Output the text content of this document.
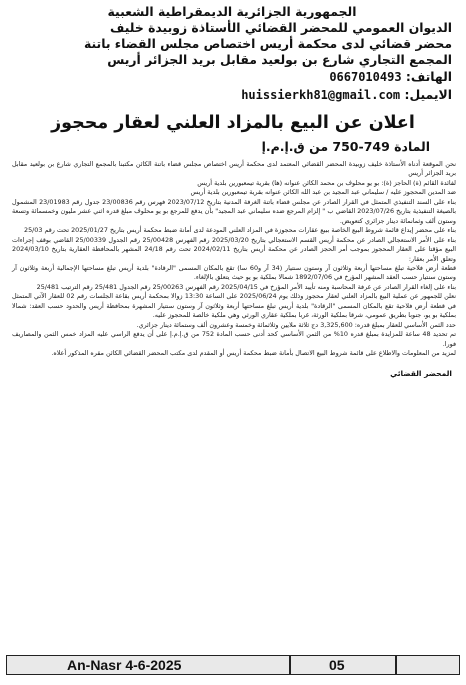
الجمهورية الجزائرية الديمقراطية الشعبية
الديوان العمومي للمحضر القضائي الأستاذة زوبيدة خليف
محضر قضائي لدى محكمة أريس اختصاص مجلس القضاء باتنة
المجمع التجاري شارع بن بولعيد مقابل بريد الجزائر أريس
الهاتف: 0667010493
الايميل: huissierkh81@gmail.com
اعلان عن البيع بالمزاد العلني لعقار محجوز
المادة 749-750 من ق.إ.م.إ

نحن الموقعة أدناه الأستاذة خليف زوبيدة المحضر القضائي المعتمد لدى محكمة أريس اختصاص مجلس قضاء باتنة الكائن مكتبنا بالمجمع التجاري شارع بن بولعيد مقابل بريد الجزائر أريس

لفائدة القائم (ة) الحاجز (ة): بو يو محلوف بن محمد الكائن عنوانه (ها) بقرية تيمعبورين بلدية أريس

ضد المدين المحجوز عليه / سليماني عبد المجيد بن عبد الله الكائن عنوانه بقرية تيمعبورين بلدية أريس

بناء على السند التنفيذي المتمثل في القرار الصادر عن مجلس قضاء باتنة الغرفة المدنية بتاريخ 2023/07/12 فهرس رقم 23/00836 جدول رقم 23/01983 المشمول بالصيغة التنفيذية بتاريخ 2023/07/26 القاضي ب " إلزام المرجع ضده سليماني عبد المجيد" بأن يدفع للمرجع بو يو محلوف مبلغ قدره اثني عشر مليون وخمسمائة وتسعة وستون ألف وثمانمائة دينار جزائري كتعويض.

بناء على محضر إيداع قائمة شروط البيع الخاصة ببيع عقارات محجوزة في المزاد العلني المودعة لدى أمانة ضبط محكمة أريس بتاريخ 2025/01/27 تحت رقم 25/03

بناء على الأمر الاستعجالي الصادر عن محكمة أريس القسم الاستعجالي بتاريخ 2025/03/20 رقم الفهرس 25/00428 رقم الجدول 25/00339 القاضي بوقف إجراءات البيع مؤقتا على العقار المحجوز بموجب أمر الحجز الصادر عن محكمة أريس بتاريخ 2024/02/11 تحت رقم 24/18 المشهر بالمحافظة العقارية بتاريخ 2024/03/10 وتعلق الأمر بعقار:

قطعة أرض فلاحية تبلغ مساحتها أربعة وثلاثون آر وستون سنتيار (34 آر و60 سا) تقع بالمكان المسمى "الرقادة" بلدية أريس تبلغ مساحتها الإجمالية أربعة وثلاثون آر وستون سنتيار حسب العقد المشهر المؤرخ في 1892/07/06 شمالا بملكية بو يو حيث يتعلق بالإلغاء.

بناء على إلغاء القرار الصادر عن غرفة المحاسبة ومنه تأييد الأمر المؤرخ في 2025/04/15 رقم الفهرس 25/00263 رقم الجدول 25/481 رقم الترتيب 25/481

نعلن للجمهور عن عملية البيع بالمزاد العلني لعقار محجوز وذلك يوم 2025/06/24 على الساعة 13:30 زوالا بمحكمة أريس بقاعة الجلسات رقم 02 للعقار الآتي المتمثل في قطعة أرض فلاحية تقع بالمكان المسمى "الرقادة" بلدية أريس تبلغ مساحتها أربعة وثلاثون آر وستون سنتيار المشهرة بمحافظة أريس والحدود حسب العقد: شمالا بملكية بو يو، جنوبا بطريق عمومي، شرقا بملكية الورثة، غربا بملكية عقاري الورثي وهي ملكية خالصة للمحجوز عليه.

حدد الثمن الأساسي للعقار بمبلغ قدره: 3,325,600 دج ثلاثة ملايين وثلاثمائة وخمسة وعشرون ألف وستمائة دينار جزائري.

تم تحديد 48 ساعة للمزايدة بمبلغ قدره 10% من الثمن الأساسي كحد أدنى حسب المادة 752 من ق.إ.م.إ على أن يدفع الراسي عليه المزاد خمس الثمن والمصاريف فورا.

لمزيد من المعلومات والاطلاع على قائمة شروط البيع الاتصال بأمانة ضبط محكمة أريس أو المقدم لدى مكتب المحضر القضائي الكائن مقره المذكور أعلاه.

المحضر القضائي
An-Nasr 4-6-2025	05
